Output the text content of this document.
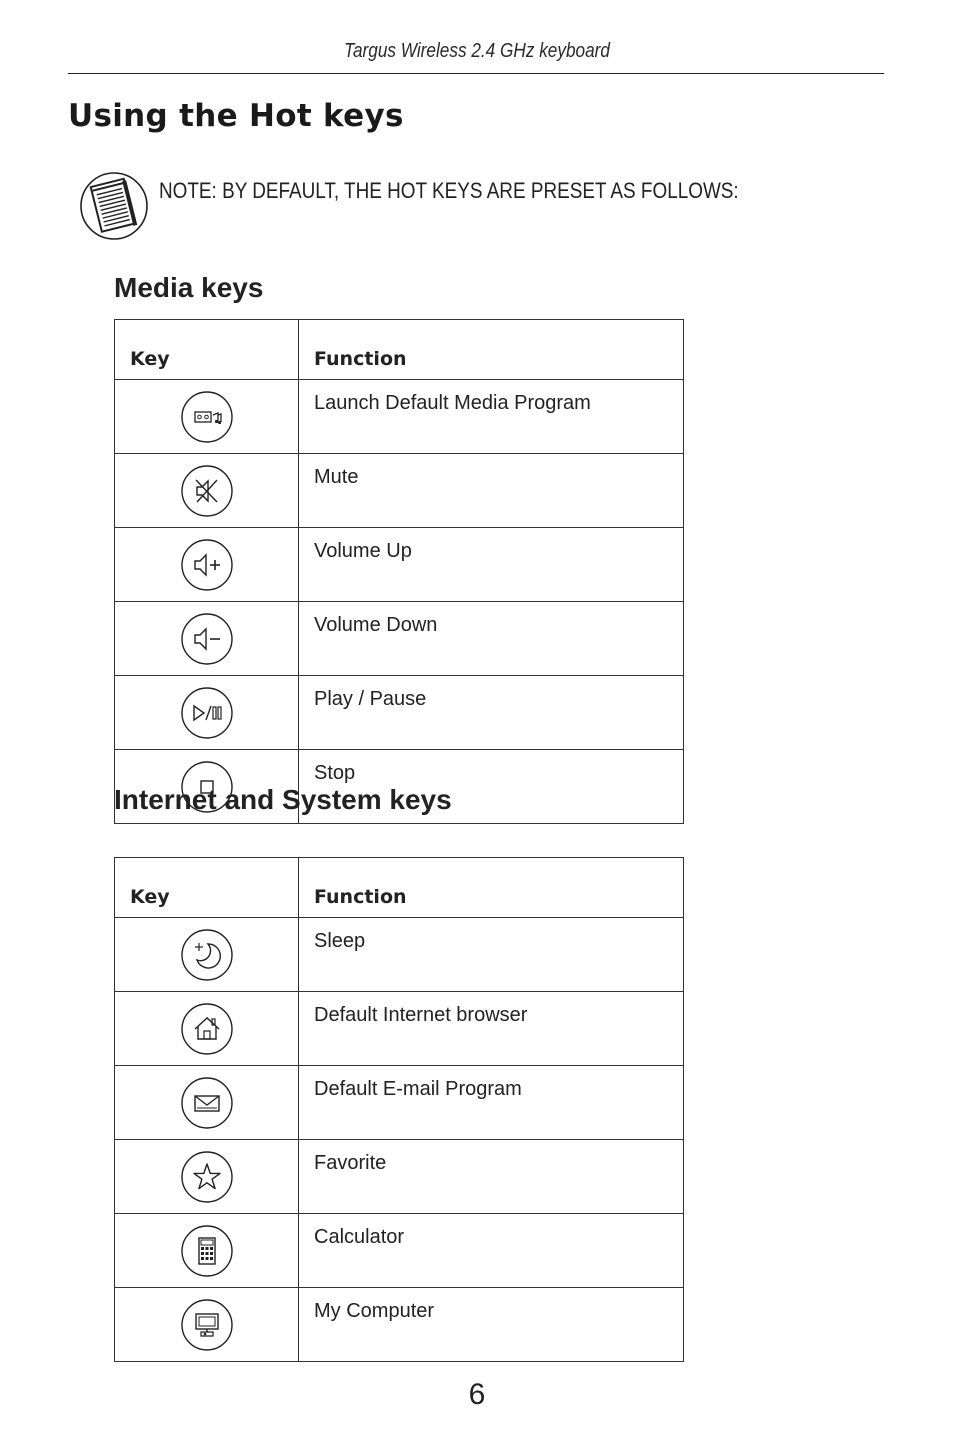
Targus Wireless 2.4 GHz keyboard
Using the Hot keys
NOTE: BY DEFAULT, THE HOT KEYS ARE PRESET AS FOLLOWS:
Media keys
Key	Function
	Launch Default Media Program
	Mute
	Volume Up
	Volume Down
	Play / Pause
	Stop
Internet and System keys
Key	Function
	Sleep
	Default Internet browser
	Default E-mail Program
	Favorite
	Calculator
	My Computer
6
